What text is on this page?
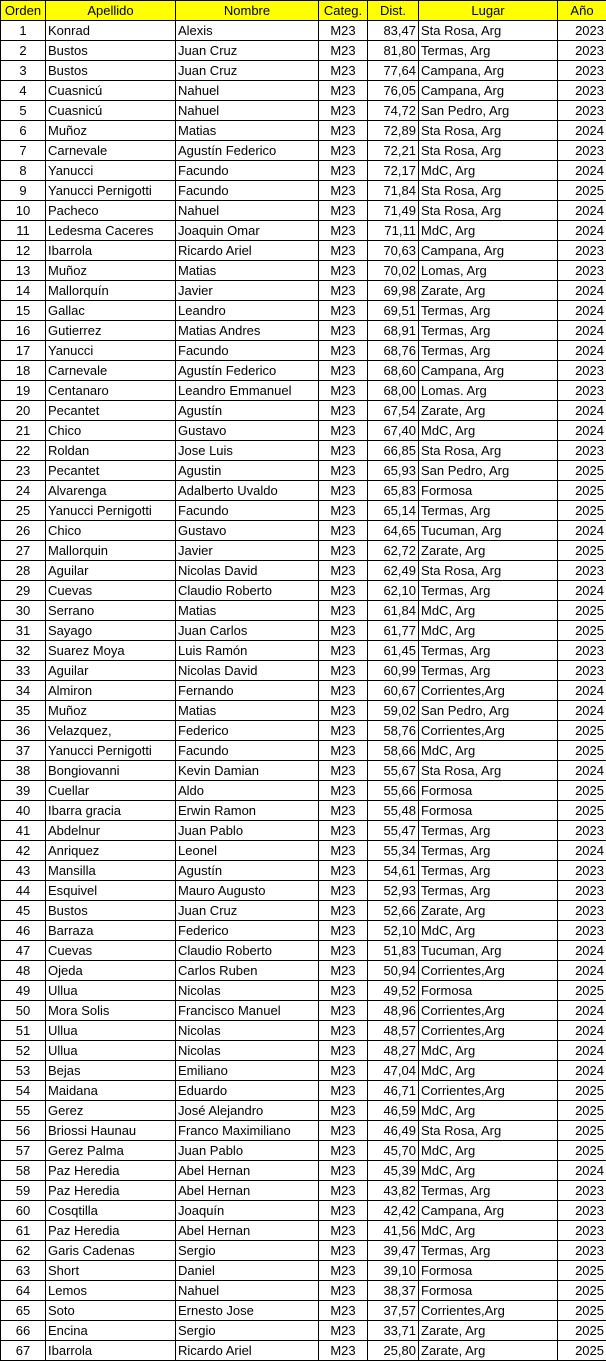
Orden	Apellido	Nombre	Categ.	Dist.	Lugar	Año
1	Konrad	Alexis	M23	83,47	Sta Rosa, Arg	2023
2	Bustos	Juan Cruz	M23	81,80	Termas, Arg	2023
3	Bustos	Juan Cruz	M23	77,64	Campana, Arg	2023
4	Cuasnicú	Nahuel	M23	76,05	Campana, Arg	2023
5	Cuasnicú	Nahuel	M23	74,72	San Pedro, Arg	2023
6	Muñoz	Matias	M23	72,89	Sta Rosa, Arg	2024
7	Carnevale	Agustín Federico	M23	72,21	Sta Rosa, Arg	2023
8	Yanucci	Facundo	M23	72,17	MdC, Arg	2024
9	Yanucci Pernigotti	Facundo	M23	71,84	Sta Rosa, Arg	2025
10	Pacheco	Nahuel	M23	71,49	Sta Rosa, Arg	2024
11	Ledesma Caceres	Joaquin Omar	M23	71,11	MdC, Arg	2024
12	Ibarrola	Ricardo Ariel	M23	70,63	Campana, Arg	2023
13	Muñoz	Matias	M23	70,02	Lomas, Arg	2023
14	Mallorquín	Javier	M23	69,98	Zarate, Arg	2024
15	Gallac	Leandro	M23	69,51	Termas, Arg	2024
16	Gutierrez	Matias Andres	M23	68,91	Termas, Arg	2024
17	Yanucci	Facundo	M23	68,76	Termas, Arg	2024
18	Carnevale	Agustín Federico	M23	68,60	Campana, Arg	2023
19	Centanaro	Leandro Emmanuel	M23	68,00	Lomas. Arg	2023
20	Pecantet	Agustín	M23	67,54	Zarate, Arg	2024
21	Chico	Gustavo	M23	67,40	MdC, Arg	2024
22	Roldan	Jose Luis	M23	66,85	Sta Rosa, Arg	2023
23	Pecantet	Agustin	M23	65,93	San Pedro, Arg	2025
24	Alvarenga	Adalberto Uvaldo	M23	65,83	Formosa	2025
25	Yanucci Pernigotti	Facundo	M23	65,14	Termas, Arg	2025
26	Chico	Gustavo	M23	64,65	Tucuman, Arg	2024
27	Mallorquin	Javier	M23	62,72	Zarate, Arg	2025
28	Aguilar	Nicolas David	M23	62,49	Sta Rosa, Arg	2023
29	Cuevas	Claudio Roberto	M23	62,10	Termas, Arg	2024
30	Serrano	Matias	M23	61,84	MdC, Arg	2025
31	Sayago	Juan Carlos	M23	61,77	MdC, Arg	2025
32	Suarez Moya	Luis Ramón	M23	61,45	Termas, Arg	2023
33	Aguilar	Nicolas David	M23	60,99	Termas, Arg	2023
34	Almiron	Fernando	M23	60,67	Corrientes,Arg	2024
35	Muñoz	Matias	M23	59,02	San Pedro, Arg	2024
36	Velazquez,	Federico	M23	58,76	Corrientes,Arg	2025
37	Yanucci Pernigotti	Facundo	M23	58,66	MdC, Arg	2025
38	Bongiovanni	Kevin Damian	M23	55,67	Sta Rosa, Arg	2024
39	Cuellar	Aldo	M23	55,66	Formosa	2025
40	Ibarra gracia	Erwin Ramon	M23	55,48	Formosa	2025
41	Abdelnur	Juan Pablo	M23	55,47	Termas, Arg	2023
42	Anriquez	Leonel	M23	55,34	Termas, Arg	2024
43	Mansilla	Agustín	M23	54,61	Termas, Arg	2023
44	Esquivel	Mauro Augusto	M23	52,93	Termas, Arg	2023
45	Bustos	Juan Cruz	M23	52,66	Zarate, Arg	2023
46	Barraza	Federico	M23	52,10	MdC, Arg	2023
47	Cuevas	Claudio Roberto	M23	51,83	Tucuman, Arg	2024
48	Ojeda	Carlos Ruben	M23	50,94	Corrientes,Arg	2024
49	Ullua	Nicolas	M23	49,52	Formosa	2025
50	Mora Solis	Francisco Manuel	M23	48,96	Corrientes,Arg	2024
51	Ullua	Nicolas	M23	48,57	Corrientes,Arg	2024
52	Ullua	Nicolas	M23	48,27	MdC, Arg	2024
53	Bejas	Emiliano	M23	47,04	MdC, Arg	2024
54	Maidana	Eduardo	M23	46,71	Corrientes,Arg	2025
55	Gerez	José Alejandro	M23	46,59	MdC, Arg	2025
56	Briossi Haunau	Franco Maximiliano	M23	46,49	Sta Rosa, Arg	2025
57	Gerez Palma	Juan Pablo	M23	45,70	MdC, Arg	2025
58	Paz Heredia	Abel Hernan	M23	45,39	MdC, Arg	2024
59	Paz Heredia	Abel Hernan	M23	43,82	Termas, Arg	2023
60	Cosqtilla	Joaquín	M23	42,42	Campana, Arg	2023
61	Paz Heredia	Abel Hernan	M23	41,56	MdC, Arg	2023
62	Garis Cadenas	Sergio	M23	39,47	Termas, Arg	2023
63	Short	Daniel	M23	39,10	Formosa	2025
64	Lemos	Nahuel	M23	38,37	Formosa	2025
65	Soto	Ernesto Jose	M23	37,57	Corrientes,Arg	2025
66	Encina	Sergio	M23	33,71	Zarate, Arg	2025
67	Ibarrola	Ricardo Ariel	M23	25,80	Zarate, Arg	2025
